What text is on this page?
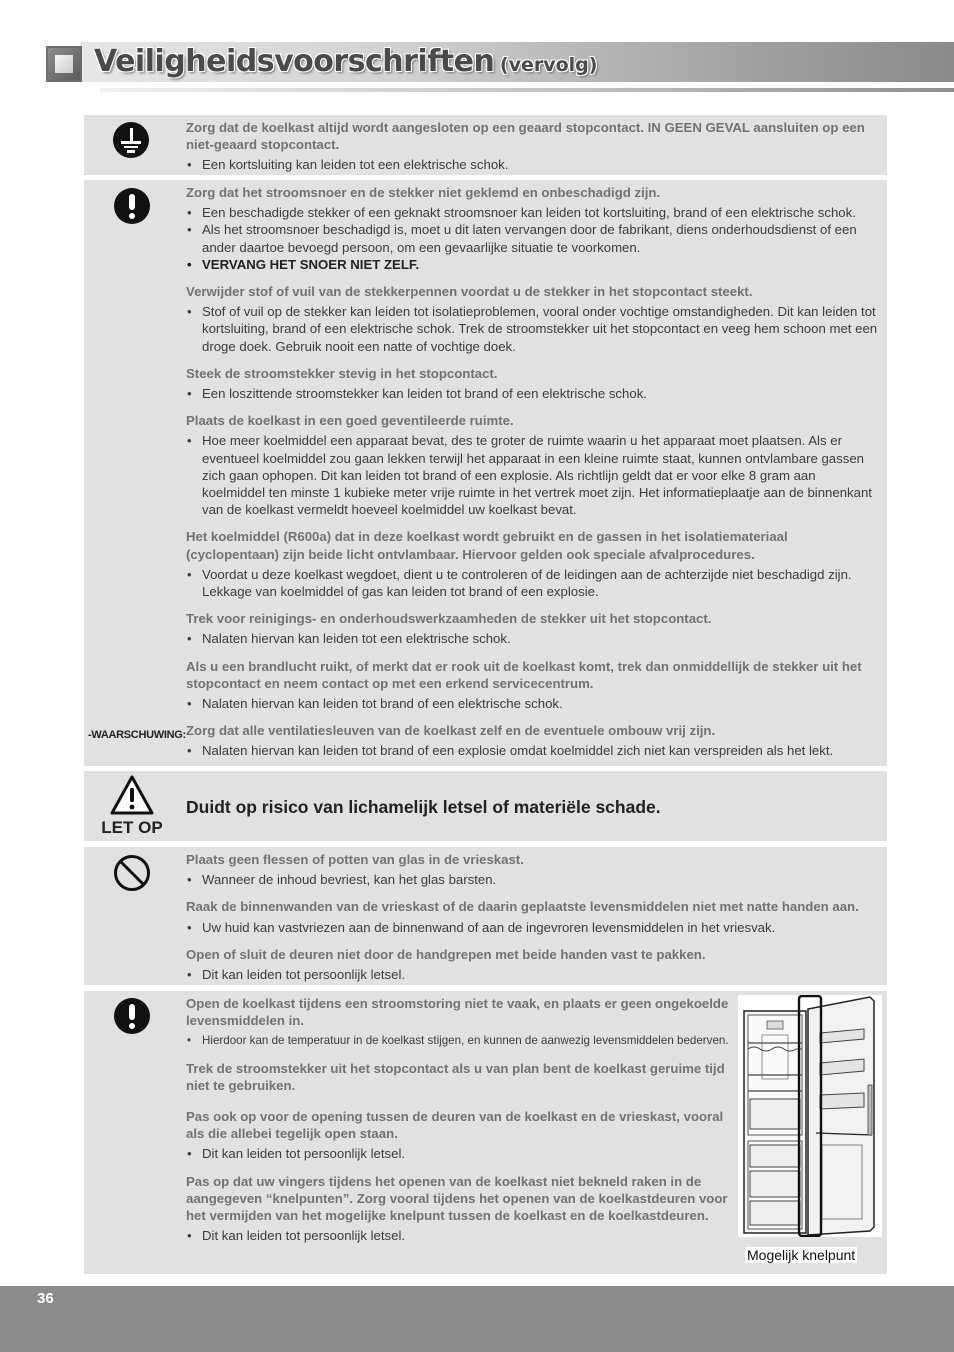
Veiligheidsvoorschriften (vervolg)
Zorg dat de koelkast altijd wordt aangesloten op een geaard stopcontact. IN GEEN GEVAL aansluiten op een niet-geaard stopcontact.
• Een kortsluiting kan leiden tot een elektrische schok.
-WAARSCHUWING:
Zorg dat het stroomsnoer en de stekker niet geklemd en onbeschadigd zijn.
• Een beschadigde stekker of een geknakt stroomsnoer kan leiden tot kortsluiting, brand of een elektrische schok.
• Als het stroomsnoer beschadigd is, moet u dit laten vervangen door de fabrikant, diens onderhoudsdienst of een ander daartoe bevoegd persoon, om een gevaarlijke situatie te voorkomen.
• VERVANG HET SNOER NIET ZELF.
Verwijder stof of vuil van de stekkerpennen voordat u de stekker in het stopcontact steekt.
• Stof of vuil op de stekker kan leiden tot isolatieproblemen, vooral onder vochtige omstandigheden. Dit kan leiden tot kortsluiting, brand of een elektrische schok. Trek de stroomstekker uit het stopcontact en veeg hem schoon met een droge doek. Gebruik nooit een natte of vochtige doek.
Steek de stroomstekker stevig in het stopcontact.
• Een loszittende stroomstekker kan leiden tot brand of een elektrische schok.
Plaats de koelkast in een goed geventileerde ruimte.
• Hoe meer koelmiddel een apparaat bevat, des te groter de ruimte waarin u het apparaat moet plaatsen. Als er eventueel koelmiddel zou gaan lekken terwijl het apparaat in een kleine ruimte staat, kunnen ontvlambare gassen zich gaan ophopen. Dit kan leiden tot brand of een explosie. Als richtlijn geldt dat er voor elke 8 gram aan koelmiddel ten minste 1 kubieke meter vrije ruimte in het vertrek moet zijn. Het informatieplaatje aan de binnenkant van de koelkast vermeldt hoeveel koelmiddel uw koelkast bevat.
Het koelmiddel (R600a) dat in deze koelkast wordt gebruikt en de gassen in het isolatiemateriaal (cyclopentaan) zijn beide licht ontvlambaar. Hiervoor gelden ook speciale afvalprocedures.
• Voordat u deze koelkast wegdoet, dient u te controleren of de leidingen aan de achterzijde niet beschadigd zijn. Lekkage van koelmiddel of gas kan leiden tot brand of een explosie.
Trek voor reinigings- en onderhoudswerkzaamheden de stekker uit het stopcontact.
• Nalaten hiervan kan leiden tot een elektrische schok.
Als u een brandlucht ruikt, of merkt dat er rook uit de koelkast komt, trek dan onmiddellijk de stekker uit het stopcontact en neem contact op met een erkend servicecentrum.
• Nalaten hiervan kan leiden tot brand of een elektrische schok.
Zorg dat alle ventilatiesleuven van de koelkast zelf en de eventuele ombouw vrij zijn.
• Nalaten hiervan kan leiden tot brand of een explosie omdat koelmiddel zich niet kan verspreiden als het lekt.
LET OP
Duidt op risico van lichamelijk letsel of materiële schade.
Plaats geen flessen of potten van glas in de vrieskast.
• Wanneer de inhoud bevriest, kan het glas barsten.
Raak de binnenwanden van de vrieskast of de daarin geplaatste levensmiddelen niet met natte handen aan.
• Uw huid kan vastvriezen aan de binnenwand of aan de ingevroren levensmiddelen in het vriesvak.
Open of sluit de deuren niet door de handgrepen met beide handen vast te pakken.
• Dit kan leiden tot persoonlijk letsel.
Open de koelkast tijdens een stroomstoring niet te vaak, en plaats er geen ongekoelde levensmiddelen in.
• Hierdoor kan de temperatuur in de koelkast stijgen, en kunnen de aanwezig levensmiddelen bederven.
Trek de stroomstekker uit het stopcontact als u van plan bent de koelkast geruime tijd niet te gebruiken.
Pas ook op voor de opening tussen de deuren van de koelkast en de vrieskast, vooral als die allebei tegelijk open staan.
• Dit kan leiden tot persoonlijk letsel.
Pas op dat uw vingers tijdens het openen van de koelkast niet bekneld raken in de aangegeven “knelpunten”. Zorg vooral tijdens het openen van de koelkastdeuren voor het vermijden van het mogelijke knelpunt tussen de koelkast en de koelkastdeuren.
• Dit kan leiden tot persoonlijk letsel.
Mogelijk knelpunt
36
